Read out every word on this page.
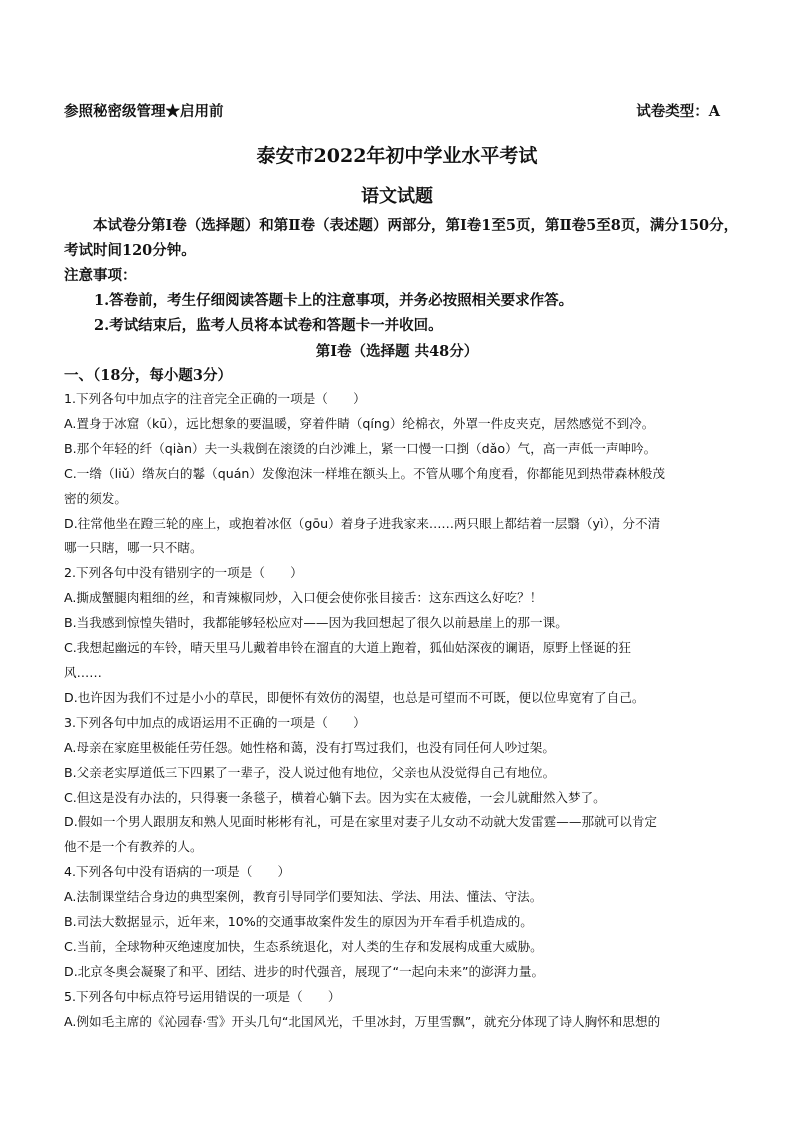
参照秘密级管理★启用前	试卷类型：A
泰安市2022年初中学业水平考试
语文试题
本试卷分第Ⅰ卷（选择题）和第Ⅱ卷（表述题）两部分，第Ⅰ卷1至5页，第Ⅱ卷5至8页，满分150分，考试时间120分钟。
注意事项：
1.答卷前，考生仔细阅读答题卡上的注意事项，并务必按照相关要求作答。
2.考试结束后，监考人员将本试卷和答题卡一并收回。
第Ⅰ卷（选择题 共48分）
一、（18分，每小题3分）
1.下列各句中加点字的注音完全正确的一项是（　　）
A.置身于冰窟（kū），远比想象的要温暖，穿着件睛（qíng）纶棉衣，外罩一件皮夹克，居然感觉不到冷。
B.那个年轻的纤（qiàn）夫一头栽倒在滚烫的白沙滩上，紧一口慢一口捯（dǎo）气，高一声低一声呻吟。
C.一绺（liǔ）绺灰白的鬈（quán）发像泡沫一样堆在额头上。不管从哪个角度看，你都能见到热带森林般茂
密的须发。
D.往常他坐在蹬三轮的座上，或抱着冰伛（gōu）着身子进我家来……两只眼上都结着一层翳（yì），分不清
哪一只瞎，哪一只不瞎。
2.下列各句中没有错别字的一项是（　　）
A.撕成蟹腿肉粗细的丝，和青辣椒同炒，入口便会使你张目接舌：这东西这么好吃？！
B.当我感到惊惶失错时，我都能够轻松应对——因为我回想起了很久以前悬崖上的那一课。
C.我想起幽远的车铃，晴天里马儿戴着串铃在溜直的大道上跑着，狐仙姑深夜的谰语，原野上怪诞的狂
风……
D.也许因为我们不过是小小的草民，即便怀有效仿的渴望，也总是可望而不可既，便以位卑宽宥了自己。
3.下列各句中加点的成语运用不正确的一项是（　　）
A.母亲在家庭里极能任劳任怨。她性格和蔼，没有打骂过我们，也没有同任何人吵过架。
B.父亲老实厚道低三下四累了一辈子，没人说过他有地位，父亲也从没觉得自己有地位。
C.但这是没有办法的，只得裹一条毯子，横着心躺下去。因为实在太疲倦，一会儿就酣然入梦了。
D.假如一个男人跟朋友和熟人见面时彬彬有礼，可是在家里对妻子儿女动不动就大发雷霆——那就可以肯定
他不是一个有教养的人。
4.下列各句中没有语病的一项是（　　）
A.法制课堂结合身边的典型案例，教育引导同学们要知法、学法、用法、懂法、守法。
B.司法大数据显示，近年来，10%的交通事故案件发生的原因为开车看手机造成的。
C.当前，全球物种灭绝速度加快，生态系统退化，对人类的生存和发展构成重大威胁。
D.北京冬奥会凝聚了和平、团结、进步的时代强音，展现了“一起向未来”的澎湃力量。
5.下列各句中标点符号运用错误的一项是（　　）
A.例如毛主席的《沁园春·雪》开头几句“北国风光，千里冰封，万里雪飘”，就充分体现了诗人胸怀和思想的
